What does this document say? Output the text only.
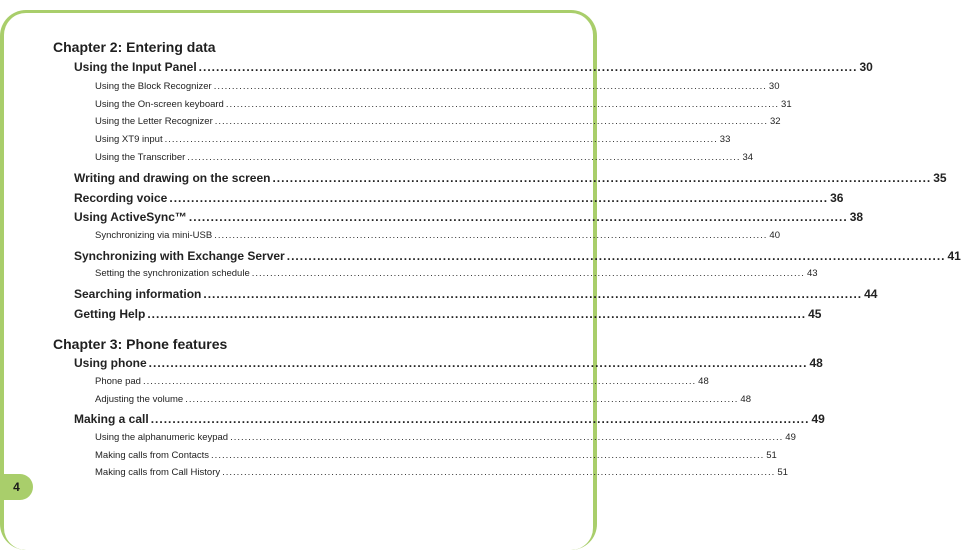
4
Chapter 2: Entering data
Using the Input Panel ........................................................................................................................................................ 30
Using the Block Recognizer ........................................................................................................................................................ 30
Using the On-screen keyboard ........................................................................................................................................................ 31
Using the Letter Recognizer ........................................................................................................................................................ 32
Using XT9 input ........................................................................................................................................................ 33
Using the Transcriber ........................................................................................................................................................ 34
Writing and drawing on the screen ........................................................................................................................................................ 35
Recording voice ........................................................................................................................................................ 36
Using ActiveSync™ ........................................................................................................................................................ 38
Synchronizing via mini-USB ........................................................................................................................................................ 40
Synchronizing with Exchange Server ........................................................................................................................................................ 41
Setting the synchronization schedule ........................................................................................................................................................ 43
Searching information ........................................................................................................................................................ 44
Getting Help ........................................................................................................................................................ 45
Chapter 3: Phone features
Using phone ........................................................................................................................................................ 48
Phone pad ........................................................................................................................................................ 48
Adjusting the volume ........................................................................................................................................................ 48
Making a call ........................................................................................................................................................ 49
Using the alphanumeric keypad ........................................................................................................................................................ 49
Making calls from Contacts ........................................................................................................................................................ 51
Making calls from Call History ........................................................................................................................................................ 51
